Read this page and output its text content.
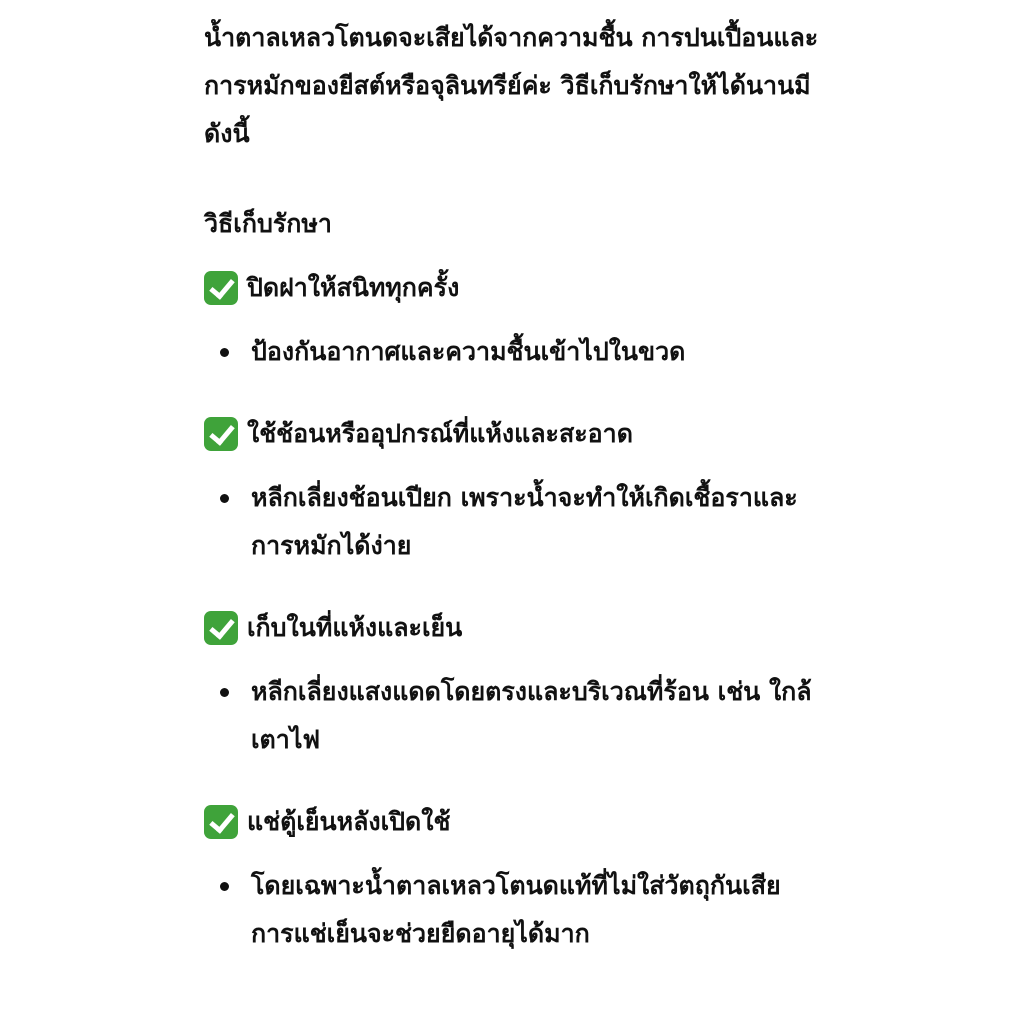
น้ำตาลเหลวโตนดจะเสียได้จากความชื้น การปนเปื้อนและการหมักของยีสต์หรือจุลินทรีย์ค่ะ วิธีเก็บรักษาให้ได้นานมีดังนี้

วิธีเก็บรักษา
ปิดฝาให้สนิททุกครั้ง
ป้องกันอากาศและความชื้นเข้าไปในขวด
ใช้ช้อนหรืออุปกรณ์ที่แห้งและสะอาด
หลีกเลี่ยงช้อนเปียก เพราะน้ำจะทำให้เกิดเชื้อราและการหมักได้ง่าย
เก็บในที่แห้งและเย็น
หลีกเลี่ยงแสงแดดโดยตรงและบริเวณที่ร้อน เช่น ใกล้เตาไฟ
แช่ตู้เย็นหลังเปิดใช้
โดยเฉพาะน้ำตาลเหลวโตนดแท้ที่ไม่ใส่วัตถุกันเสีย การแช่เย็นจะช่วยยืดอายุได้มาก
